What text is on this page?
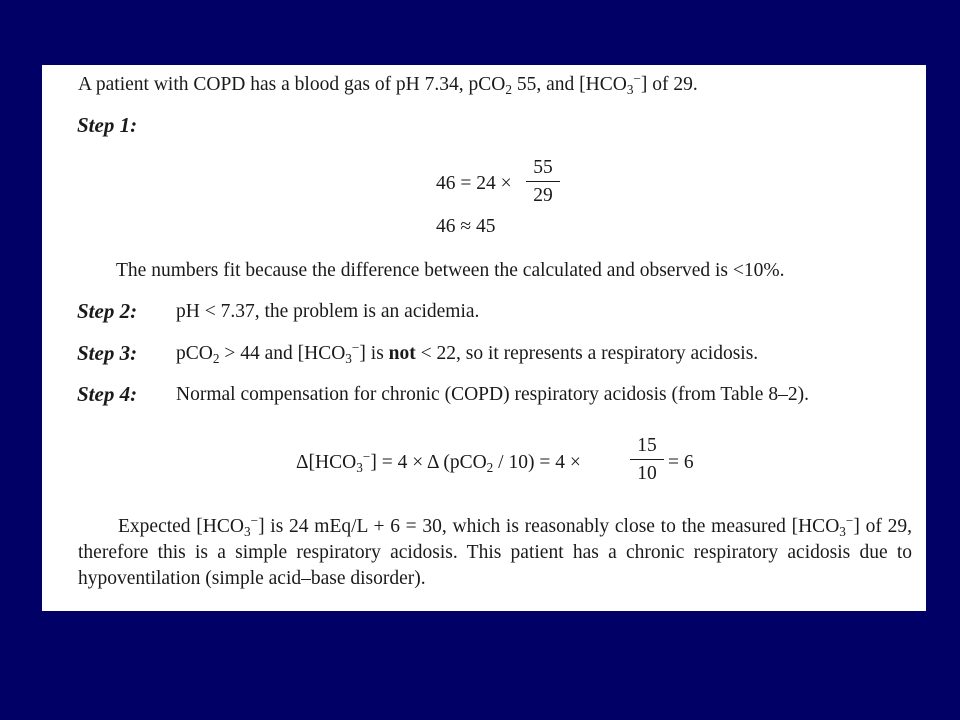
A patient with COPD has a blood gas of pH 7.34, pCO$_2$ 55, and $[HCO_3^-]$ of 29.
Step 1:
$46 = 24 \times \frac{55}{29}$
46 ≈ 45
The numbers fit because the difference between the calculated and observed is <10%.
Step 2: pH < 7.37, the problem is an acidemia.
Step 3: pCO$_2$ > 44 and $[HCO_3^-]$ is not < 22, so it represents a respiratory acidosis.
Step 4: Normal compensation for chronic (COPD) respiratory acidosis (from Table 8–2).
$\Delta[HCO_3^-] = 4 \times \Delta$ (pCO$_2$ / 10) = 4 ×	$\frac{15}{10} = 6$
Expected $[HCO_3^-]$ is 24 mEq/L + 6 = 30, which is reasonably close to the measured $[HCO_3^-]$ of 29, therefore this is a simple respiratory acidosis. This patient has a chronic respiratory acidosis due to hypoventilation (simple acid–base disorder).
